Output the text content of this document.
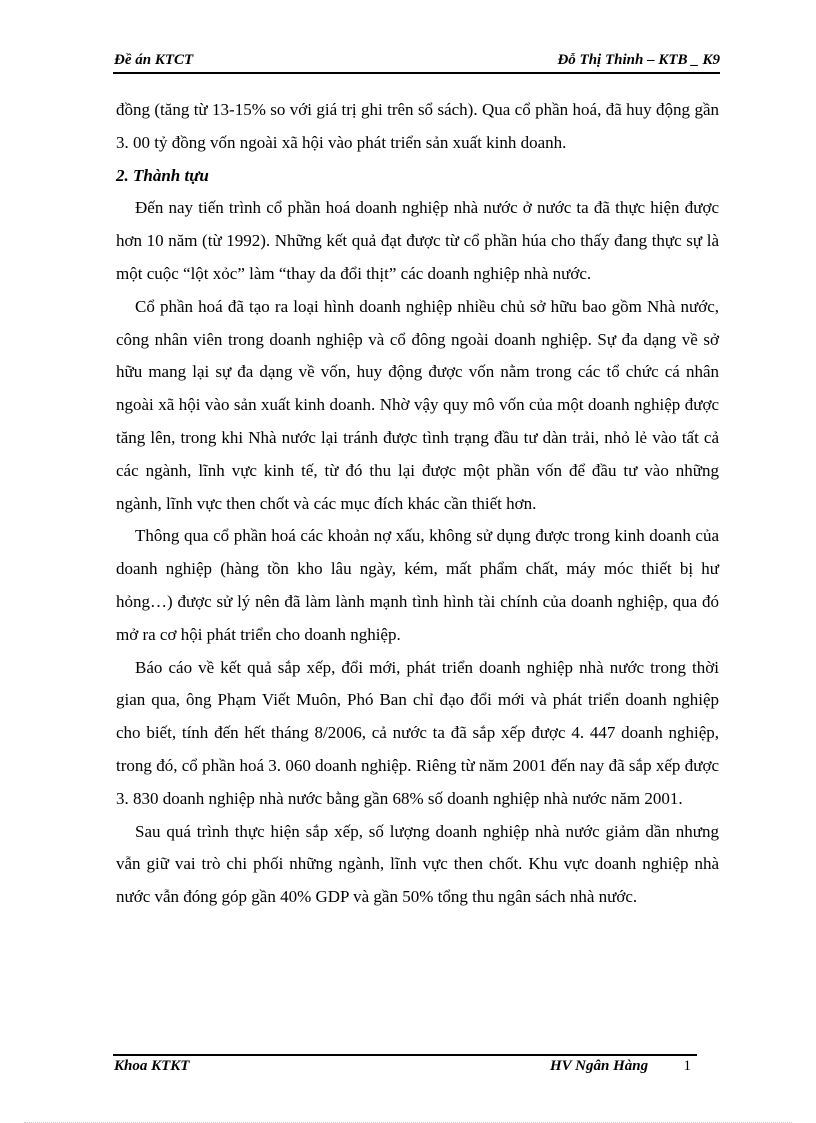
Đề án KTCT	Đỗ Thị Thinh – KTB _ K9

đồng (tăng từ 13-15% so với giá trị ghi trên sổ sách). Qua cổ phần hoá, đã huy động gần 3. 00 tỷ đồng vốn ngoài xã hội vào phát triển sản xuất kinh doanh.

2. Thành tựu

Đến nay tiến trình cổ phần hoá doanh nghiệp nhà nước ở nước ta đã thực hiện được hơn 10 năm (từ 1992). Những kết quả đạt được từ cổ phần húa cho thấy đang thực sự là một cuộc “lột xỏc” làm “thay da đổi thịt” các doanh nghiệp nhà nước.

Cổ phần hoá đã tạo ra loại hình doanh nghiệp nhiều chủ sở hữu bao gồm Nhà nước, công nhân viên trong doanh nghiệp và cổ đông ngoài doanh nghiệp. Sự đa dạng về sở hữu mang lại sự đa dạng về vốn, huy động được vốn nằm trong các tổ chức cá nhân ngoài xã hội vào sản xuất kinh doanh. Nhờ vậy quy mô vốn của một doanh nghiệp được tăng lên, trong khi Nhà nước lại tránh được tình trạng đầu tư dàn trải, nhỏ lẻ vào tất cả các ngành, lĩnh vực kinh tế, từ đó thu lại được một phần vốn để đầu tư vào những ngành, lĩnh vực then chốt và các mục đích khác cần thiết hơn.

Thông qua cổ phần hoá các khoản nợ xấu, không sử dụng được trong kinh doanh của doanh nghiệp (hàng tồn kho lâu ngày, kém, mất phẩm chất, máy móc thiết bị hư hỏng…) được sử lý nên đã làm lành mạnh tình hình tài chính của doanh nghiệp, qua đó mở ra cơ hội phát triển cho doanh nghiệp.

Báo cáo về kết quả sắp xếp, đổi mới, phát triển doanh nghiệp nhà nước trong thời gian qua, ông Phạm Viết Muôn, Phó Ban chỉ đạo đổi mới và phát triển doanh nghiệp cho biết, tính đến hết tháng 8/2006, cả nước ta đã sắp xếp được 4. 447 doanh nghiệp, trong đó, cổ phần hoá 3. 060 doanh nghiệp. Riêng từ năm 2001 đến nay đã sắp xếp được 3. 830 doanh nghiệp nhà nước bằng gần 68% số doanh nghiệp nhà nước năm 2001.

Sau quá trình thực hiện sắp xếp, số lượng doanh nghiệp nhà nước giảm dần nhưng vẫn giữ vai trò chi phối những ngành, lĩnh vực then chốt. Khu vực doanh nghiệp nhà nước vẫn đóng góp gần 40% GDP và gần 50% tổng thu ngân sách nhà nước.

Khoa KTKT	HV Ngân Hàng 1
